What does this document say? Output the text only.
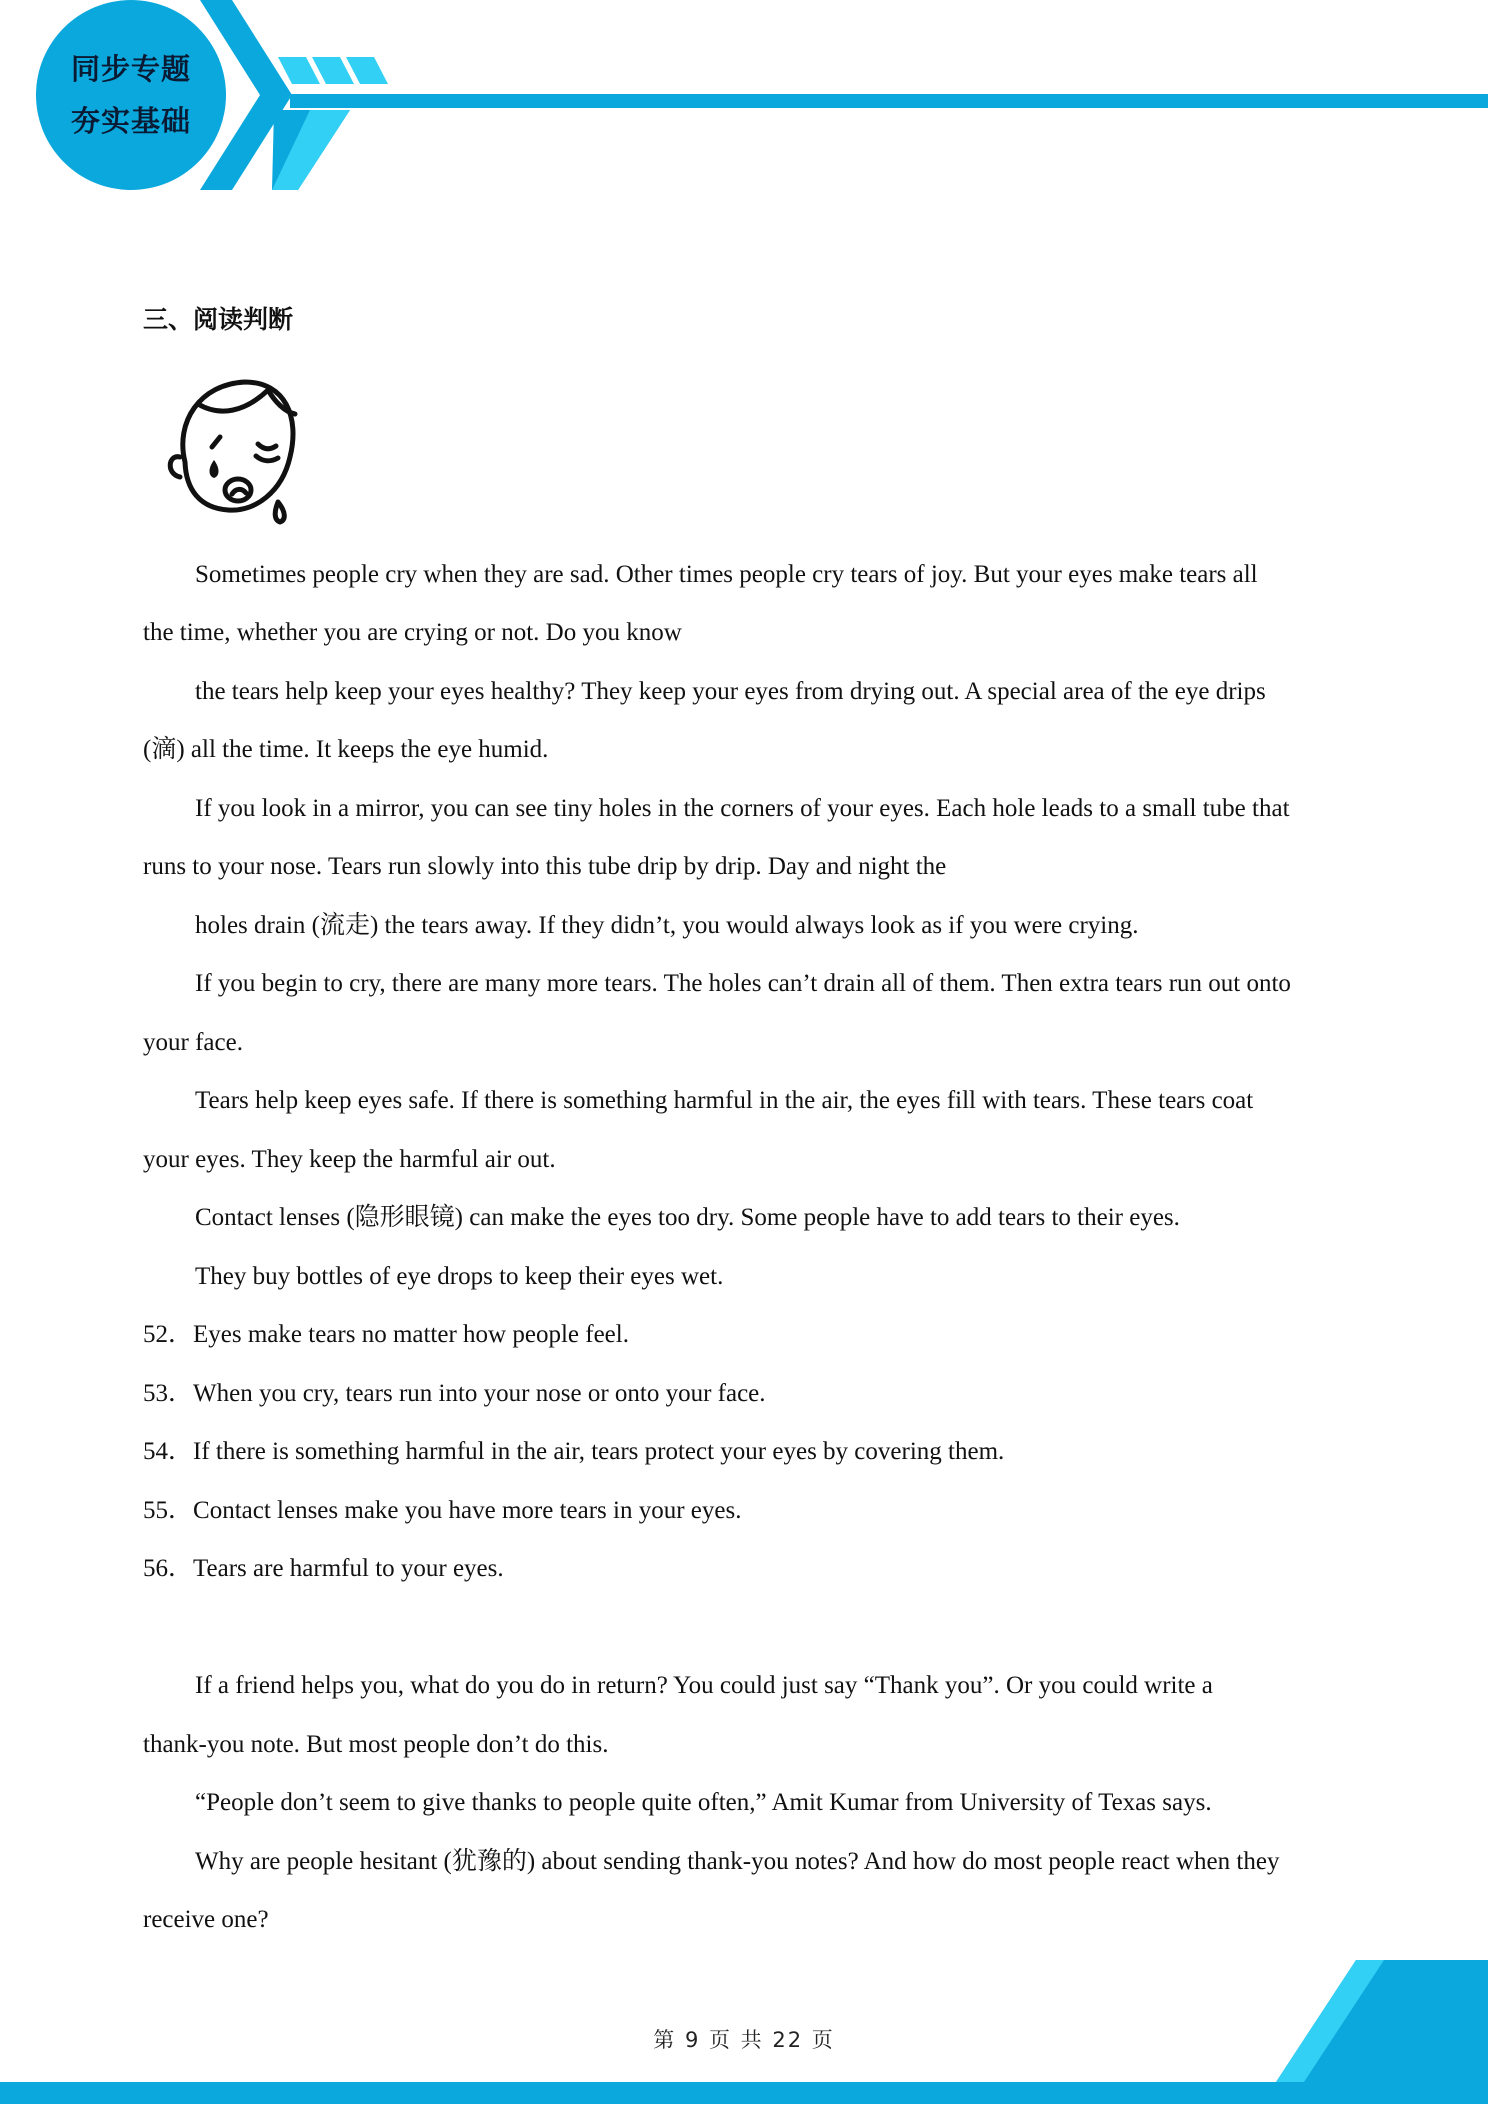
同步专题
夯实基础
三、阅读判断
Sometimes people cry when they are sad. Other times people cry tears of joy. But your eyes make tears all
the time, whether you are crying or not. Do you know
the tears help keep your eyes healthy? They keep your eyes from drying out. A special area of the eye drips
(滴) all the time. It keeps the eye humid.
If you look in a mirror, you can see tiny holes in the corners of your eyes. Each hole leads to a small tube that
runs to your nose. Tears run slowly into this tube drip by drip. Day and night the
holes drain (流走) the tears away. If they didn’t, you would always look as if you were crying.
If you begin to cry, there are many more tears. The holes can’t drain all of them. Then extra tears run out onto
your face.
Tears help keep eyes safe. If there is something harmful in the air, the eyes fill with tears. These tears coat
your eyes. They keep the harmful air out.
Contact lenses (隐形眼镜) can make the eyes too dry. Some people have to add tears to their eyes.
They buy bottles of eye drops to keep their eyes wet.
52．Eyes make tears no matter how people feel.
53．When you cry, tears run into your nose or onto your face.
54．If there is something harmful in the air, tears protect your eyes by covering them.
55．Contact lenses make you have more tears in your eyes.
56．Tears are harmful to your eyes.
If a friend helps you, what do you do in return? You could just say “Thank you”. Or you could write a
thank-you note. But most people don’t do this.
“People don’t seem to give thanks to people quite often,” Amit Kumar from University of Texas says.
Why are people hesitant (犹豫的) about sending thank-you notes? And how do most people react when they
receive one?
第 9 页 共 22 页
